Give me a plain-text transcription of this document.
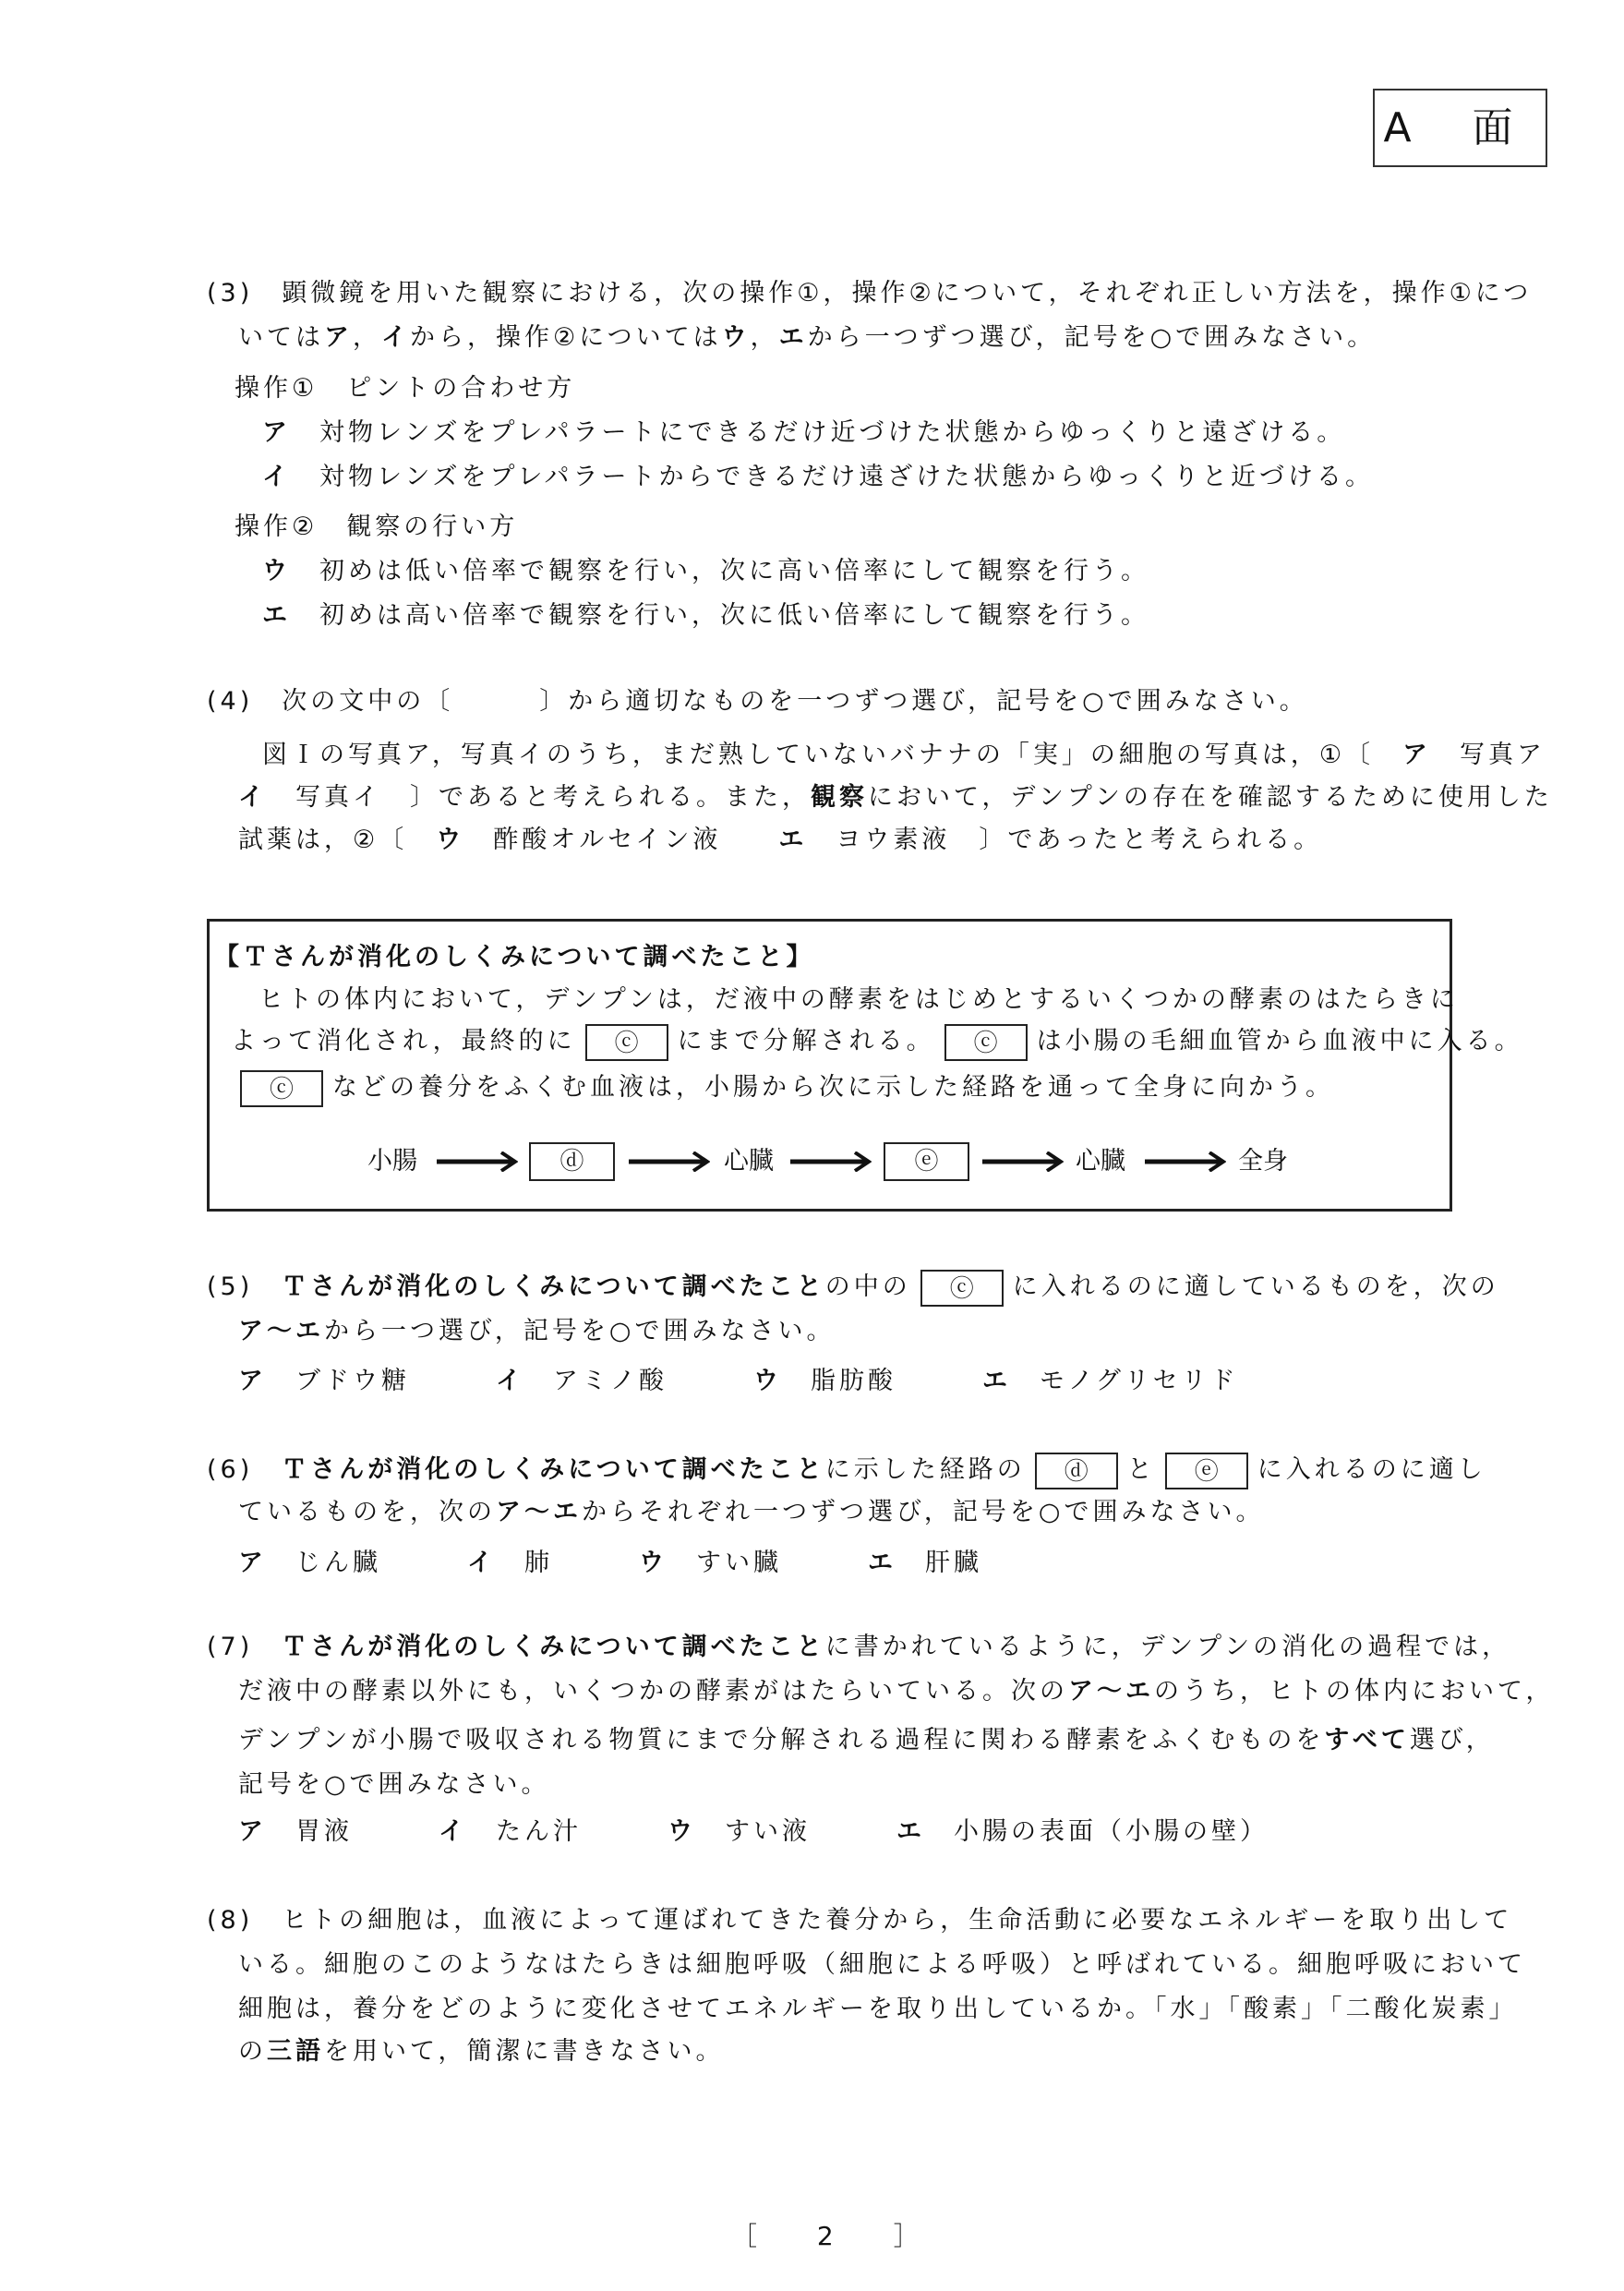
A 面
(3)　顕微鏡を用いた観察における，次の操作①，操作②について，それぞれ正しい方法を，操作①につ
いてはア，イから，操作②についてはウ，エから一つずつ選び，記号を○で囲みなさい。
操作①　ピントの合わせ方
ア　対物レンズをプレパラートにできるだけ近づけた状態からゆっくりと遠ざける。
イ　対物レンズをプレパラートからできるだけ遠ざけた状態からゆっくりと近づける。
操作②　観察の行い方
ウ　初めは低い倍率で観察を行い，次に高い倍率にして観察を行う。
エ　初めは高い倍率で観察を行い，次に低い倍率にして観察を行う。
(4)　次の文中の〔　　　〕から適切なものを一つずつ選び，記号を○で囲みなさい。
図Ｉの写真ア，写真イのうち，まだ熟していないバナナの「実」の細胞の写真は，①〔　ア　写真ア
イ　写真イ　〕であると考えられる。また，観察において，デンプンの存在を確認するために使用した
試薬は，②〔　ウ　酢酸オルセイン液　　エ　ヨウ素液　〕であったと考えられる。
【Ｔさんが消化のしくみについて調べたこと】
ヒトの体内において，デンプンは，だ液中の酵素をはじめとするいくつかの酵素のはたらきに
よって消化され，最終的に ⓒ にまで分解される。 ⓒ は小腸の毛細血管から血液中に入る。
ⓒ などの養分をふくむ血液は，小腸から次に示した経路を通って全身に向かう。
(5)　Ｔさんが消化のしくみについて調べたことの中の ⓒ に入れるのに適しているものを，次の
ア～エから一つ選び，記号を○で囲みなさい。
ア　ブドウ糖　　　イ　アミノ酸　　　ウ　脂肪酸　　　エ　モノグリセリド
(6)　Ｔさんが消化のしくみについて調べたことに示した経路の ⓓ と ⓔ に入れるのに適し
ているものを，次のア～エからそれぞれ一つずつ選び，記号を○で囲みなさい。
ア　じん臓　　　イ　肺　　　ウ　すい臓　　　エ　肝臓
(7)　Ｔさんが消化のしくみについて調べたことに書かれているように，デンプンの消化の過程では，
だ液中の酵素以外にも，いくつかの酵素がはたらいている。次のア～エのうち，ヒトの体内において，
デンプンが小腸で吸収される物質にまで分解される過程に関わる酵素をふくむものをすべて選び，
記号を○で囲みなさい。
ア　胃液　　　イ　たん汁　　　ウ　すい液　　　エ　小腸の表面（小腸の壁）
(8)　ヒトの細胞は，血液によって運ばれてきた養分から，生命活動に必要なエネルギーを取り出して
いる。細胞のこのようなはたらきは細胞呼吸（細胞による呼吸）と呼ばれている。細胞呼吸において
細胞は，養分をどのように変化させてエネルギーを取り出しているか。「水」「酸素」「二酸化炭素」
の三語を用いて，簡潔に書きなさい。
小腸	ⓓ	心臓	ⓔ	心臓	全身
［ 2 ］
